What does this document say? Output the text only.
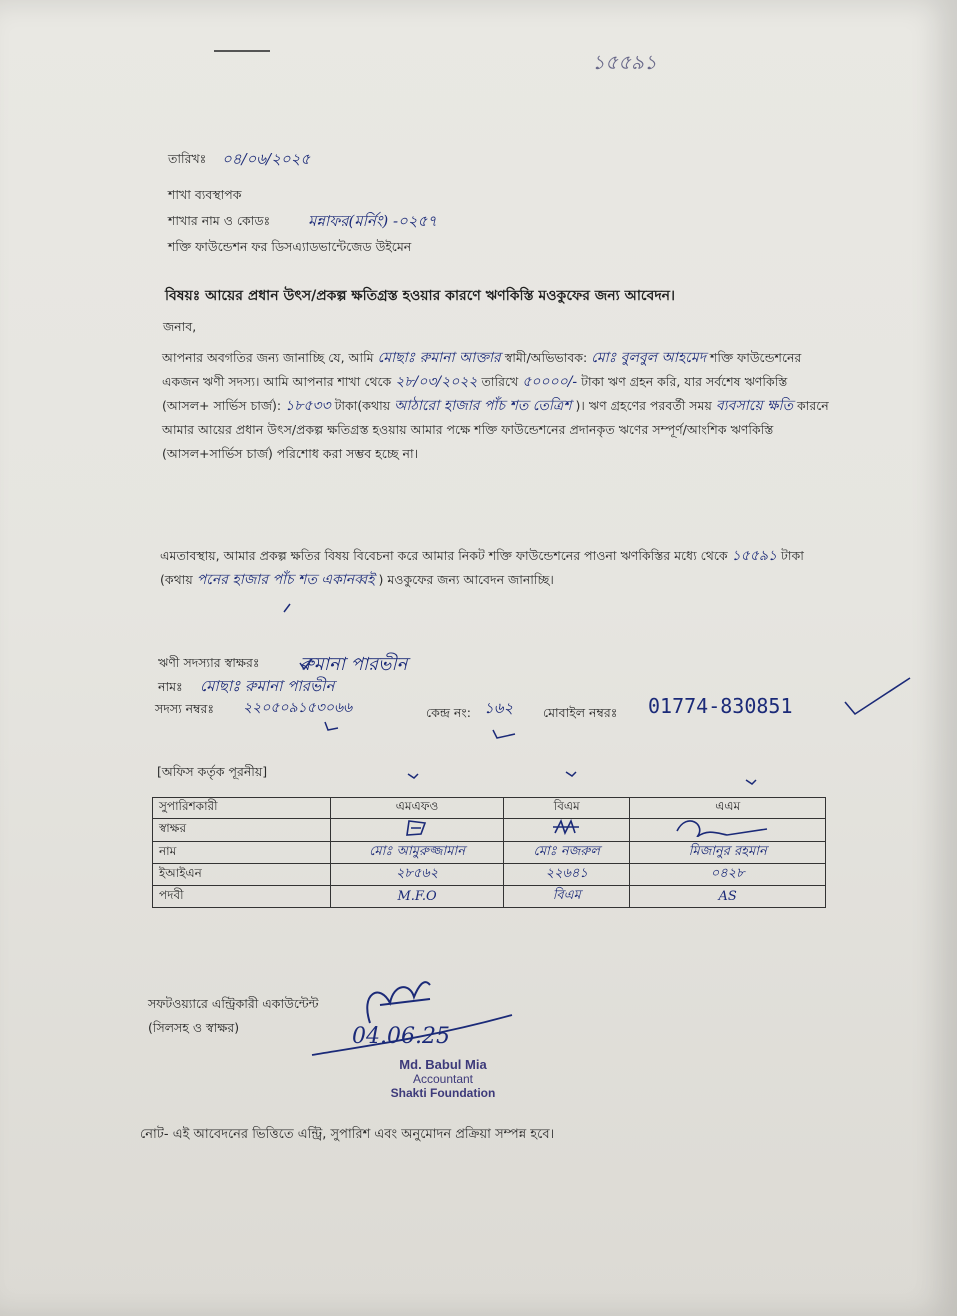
১৫৫৯১
তারিখঃ ০৪/০৬/২০২৫
শাখা ব্যবস্থাপক
শাখার নাম ও কোডঃ	মন্নাফর(মর্নিং) -০২৫৭
শক্তি ফাউন্ডেশন ফর ডিসএ্যাডভান্টেজেড উইমেন
বিষয়ঃ আয়ের প্রধান উৎস/প্রকল্প ক্ষতিগ্রস্ত হওয়ার কারণে ঋণকিস্তি মওকুফের জন্য আবেদন।
জনাব,
আপনার অবগতির জন্য জানাচ্ছি যে, আমি মোছাঃ রুমানা আক্তার স্বামী/অভিভাবক: মোঃ বুলবুল আহমেদ শক্তি ফাউন্ডেশনের একজন ঋণী সদস্য। আমি আপনার শাখা থেকে ২৮/০৩/২০২২ তারিখে ৫০০০০/- টাকা ঋণ গ্রহন করি, যার সর্বশেষ ঋণকিস্তি (আসল+ সার্ভিস চার্জ): ১৮৫৩৩ টাকা(কথায় আঠারো হাজার পাঁচ শত তেত্রিশ )। ঋণ গ্রহণের পরবর্তী সময় ব্যবসায়ে ক্ষতি কারনে আমার আয়ের প্রধান উৎস/প্রকল্প ক্ষতিগ্রস্ত হওয়ায় আমার পক্ষে শক্তি ফাউন্ডেশনের প্রদানকৃত ঋণের সম্পূর্ণ/আংশিক ঋণকিস্তি (আসল+সার্ভিস চার্জ) পরিশোধ করা সম্ভব হচ্ছে না।
এমতাবস্থায়, আমার প্রকল্প ক্ষতির বিষয় বিবেচনা করে আমার নিকট শক্তি ফাউন্ডেশনের পাওনা ঋণকিস্তির মধ্যে থেকে ১৫৫৯১ টাকা (কথায় পনের হাজার পাঁচ শত একানব্বই ) মওকুফের জন্য আবেদন জানাচ্ছি।
ঋণী সদস্যার স্বাক্ষরঃ রুমানা পারভীন
নামঃ মোছাঃ রুমানা পারভীন
সদস্য নম্বরঃ ২২০৫০৯১৫৩০৬৬	কেন্দ্র নং: ১৬২ মোবাইল নম্বরঃ 01774-830851
[অফিস কর্তৃক পূরনীয়]
সুপারিশকারী	এমএফও	বিএম	এএম
স্বাক্ষর			
নাম	মোঃ আমুরুজ্জামান	মোঃ নজরুল	মিজানুর রহমান
ইআইএন	২৮৫৬২	২২৬৪১	০৪২৮
পদবী	M.F.O	বিএম	AS
সফটওয়্যারে এন্ট্রিকারী একাউন্টেন্ট
(সিলসহ ও স্বাক্ষর)	04.06.25
Md. Babul Mia
Accountant
Shakti Foundation
নোট- এই আবেদনের ভিত্তিতে এন্ট্রি, সুপারিশ এবং অনুমোদন প্রক্রিয়া সম্পন্ন হবে।
